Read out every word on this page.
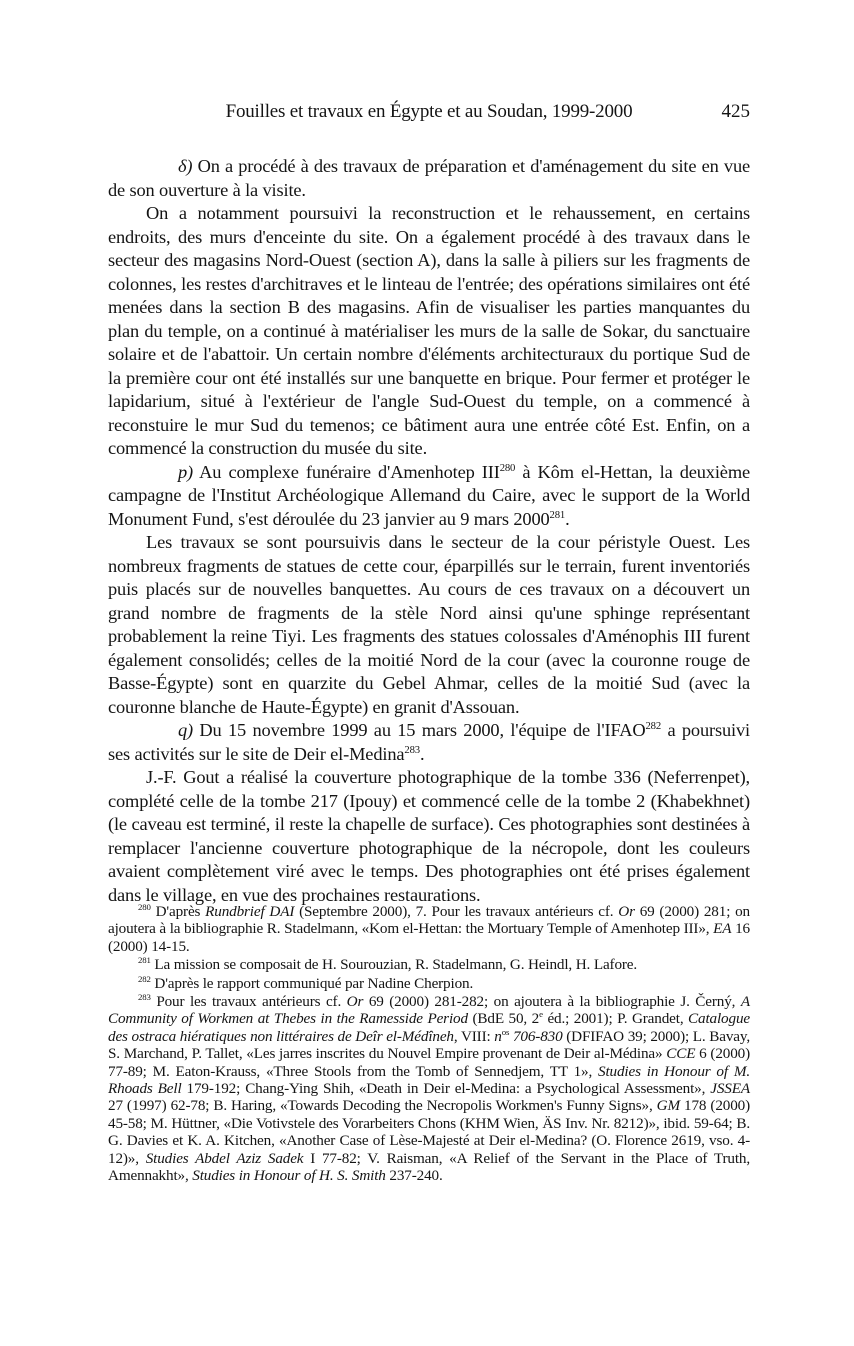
Fouilles et travaux en Égypte et au Soudan, 1999-2000	425

δ) On a procédé à des travaux de préparation et d'aménagement du site en vue de son ouverture à la visite.

On a notamment poursuivi la reconstruction et le rehaussement, en certains endroits, des murs d'enceinte du site. On a également procédé à des travaux dans le secteur des magasins Nord-Ouest (section A), dans la salle à piliers sur les fragments de colonnes, les restes d'architraves et le linteau de l'entrée; des opérations similaires ont été menées dans la section B des magasins. Afin de visualiser les parties manquantes du plan du temple, on a continué à matérialiser les murs de la salle de Sokar, du sanctuaire solaire et de l'abattoir. Un certain nombre d'éléments architecturaux du portique Sud de la première cour ont été installés sur une banquette en brique. Pour fermer et protéger le lapidarium, situé à l'extérieur de l'angle Sud-Ouest du temple, on a commencé à reconstuire le mur Sud du temenos; ce bâtiment aura une entrée côté Est. Enfin, on a commencé la construction du musée du site.

p) Au complexe funéraire d'Amenhotep III$^{280}$ à Kôm el-Hettan, la deuxième campagne de l'Institut Archéologique Allemand du Caire, avec le support de la World Monument Fund, s'est déroulée du 23 janvier au 9 mars 2000$^{281}$.

Les travaux se sont poursuivis dans le secteur de la cour péristyle Ouest. Les nombreux fragments de statues de cette cour, éparpillés sur le terrain, furent inventoriés puis placés sur de nouvelles banquettes. Au cours de ces travaux on a découvert un grand nombre de fragments de la stèle Nord ainsi qu'une sphinge représentant probablement la reine Tiyi. Les fragments des statues colossales d'Aménophis III furent également consolidés; celles de la moitié Nord de la cour (avec la couronne rouge de Basse-Égypte) sont en quarzite du Gebel Ahmar, celles de la moitié Sud (avec la couronne blanche de Haute-Égypte) en granit d'Assouan.

q) Du 15 novembre 1999 au 15 mars 2000, l'équipe de l'IFAO$^{282}$ a poursuivi ses activités sur le site de Deir el-Medina$^{283}$.

J.-F. Gout a réalisé la couverture photographique de la tombe 336 (Neferrenpet), complété celle de la tombe 217 (Ipouy) et commencé celle de la tombe 2 (Khabekhnet) (le caveau est terminé, il reste la chapelle de surface). Ces photographies sont destinées à remplacer l'ancienne couverture photographique de la nécropole, dont les couleurs avaient complètement viré avec le temps. Des photographies ont été prises également dans le village, en vue des prochaines restaurations.

$^{280}$ D'après Rundbrief DAI (Septembre 2000), 7. Pour les travaux antérieurs cf. Or 69 (2000) 281; on ajoutera à la bibliographie R. Stadelmann, «Kom el-Hettan: the Mortuary Temple of Amenhotep III», EA 16 (2000) 14-15.

$^{281}$ La mission se composait de H. Sourouzian, R. Stadelmann, G. Heindl, H. Lafore.

$^{282}$ D'après le rapport communiqué par Nadine Cherpion.

$^{283}$ Pour les travaux antérieurs cf. Or 69 (2000) 281-282; on ajoutera à la bibliographie J. Černý, A Community of Workmen at Thebes in the Ramesside Period (BdE 50, 2e éd.; 2001); P. Grandet, Catalogue des ostraca hiératiques non littéraires de Deîr el-Médîneh, VIII: $n^{os}$ 706-830 (DFIFAO 39; 2000); L. Bavay, S. Marchand, P. Tallet, «Les jarres inscrites du Nouvel Empire provenant de Deir al-Médina» CCE 6 (2000) 77-89; M. Eaton-Krauss, «Three Stools from the Tomb of Sennedjem, TT 1», Studies in Honour of M. Rhoads Bell 179-192; Chang-Ying Shih, «Death in Deir el-Medina: a Psychological Assessment», JSSEA 27 (1997) 62-78; B. Haring, «Towards Decoding the Necropolis Workmen's Funny Signs», GM 178 (2000) 45-58; M. Hüttner, «Die Votivstele des Vorarbeiters Chons (KHM Wien, ÄS Inv. Nr. 8212)», ibid. 59-64; B. G. Davies et K. A. Kitchen, «Another Case of Lèse-Majesté at Deir el-Medina? (O. Florence 2619, vso. 4-12)», Studies Abdel Aziz Sadek I 77-82; V. Raisman, «A Relief of the Servant in the Place of Truth, Amennakht», Studies in Honour of H. S. Smith 237-240.
